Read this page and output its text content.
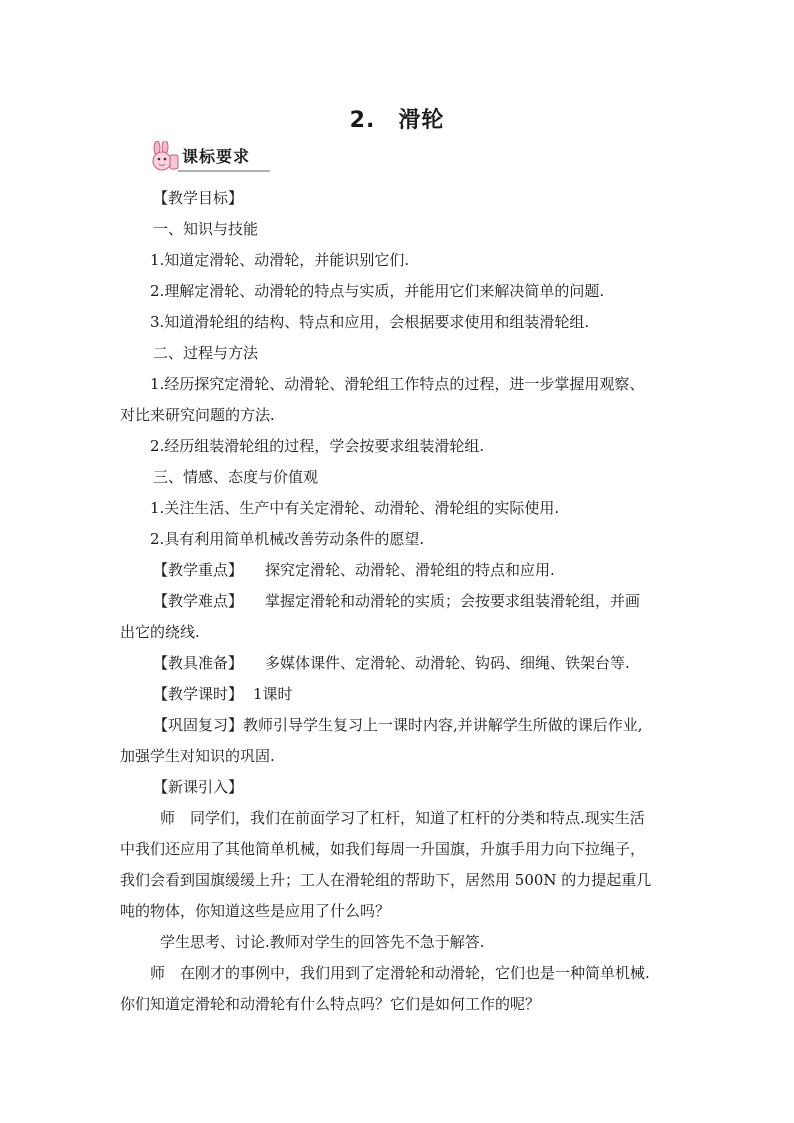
2.　滑轮
课标要求
【教学目标】
一、知识与技能
1.知道定滑轮、动滑轮，并能识别它们.
2.理解定滑轮、动滑轮的特点与实质，并能用它们来解决简单的问题.
3.知道滑轮组的结构、特点和应用，会根据要求使用和组装滑轮组.
二、过程与方法
1.经历探究定滑轮、动滑轮、滑轮组工作特点的过程，进一步掌握用观察、
对比来研究问题的方法.
2.经历组装滑轮组的过程，学会按要求组装滑轮组.
三、情感、态度与价值观
1.关注生活、生产中有关定滑轮、动滑轮、滑轮组的实际使用.
2.具有利用简单机械改善劳动条件的愿望.
【教学重点】 探究定滑轮、动滑轮、滑轮组的特点和应用.
【教学难点】 掌握定滑轮和动滑轮的实质；会按要求组装滑轮组，并画
出它的绕线.
【教具准备】 多媒体课件、定滑轮、动滑轮、钩码、细绳、铁架台等.
【教学课时】 1课时
【巩固复习】教师引导学生复习上一课时内容,并讲解学生所做的课后作业,
加强学生对知识的巩固.
【新课引入】
师　同学们，我们在前面学习了杠杆，知道了杠杆的分类和特点.现实生活
中我们还应用了其他简单机械，如我们每周一升国旗，升旗手用力向下拉绳子，
我们会看到国旗缓缓上升；工人在滑轮组的帮助下，居然用 500N 的力提起重几
吨的物体，你知道这些是应用了什么吗？
学生思考、讨论.教师对学生的回答先不急于解答.
师　在刚才的事例中，我们用到了定滑轮和动滑轮，它们也是一种简单机械.
你们知道定滑轮和动滑轮有什么特点吗？它们是如何工作的呢？
